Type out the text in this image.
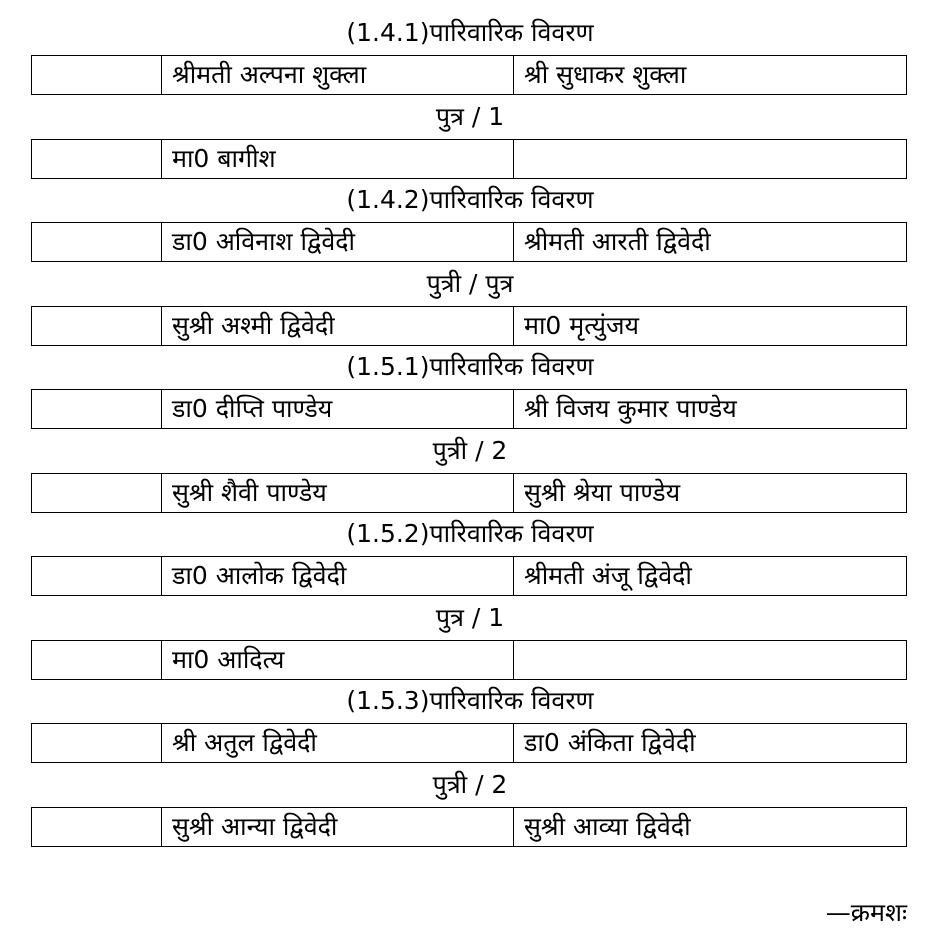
(1.4.1)पारिवारिक विवरण
श्रीमती अल्पना शुक्ला	श्री सुधाकर शुक्ला
पुत्र / 1
मा0 बागीश
(1.4.2)पारिवारिक विवरण
डा0 अविनाश द्विवेदी	श्रीमती आरती द्विवेदी
पुत्री / पुत्र
सुश्री अश्मी द्विवेदी	मा0 मृत्युंजय
(1.5.1)पारिवारिक विवरण
डा0 दीप्ति पाण्डेय	श्री विजय कुमार पाण्डेय
पुत्री / 2
सुश्री शैवी पाण्डेय	सुश्री श्रेया पाण्डेय
(1.5.2)पारिवारिक विवरण
डा0 आलोक द्विवेदी	श्रीमती अंजू द्विवेदी
पुत्र / 1
मा0 आदित्य
(1.5.3)पारिवारिक विवरण
श्री अतुल द्विवेदी	डा0 अंकिता द्विवेदी
पुत्री / 2
सुश्री आन्या द्विवेदी	सुश्री आव्या द्विवेदी
—क्रमशः
